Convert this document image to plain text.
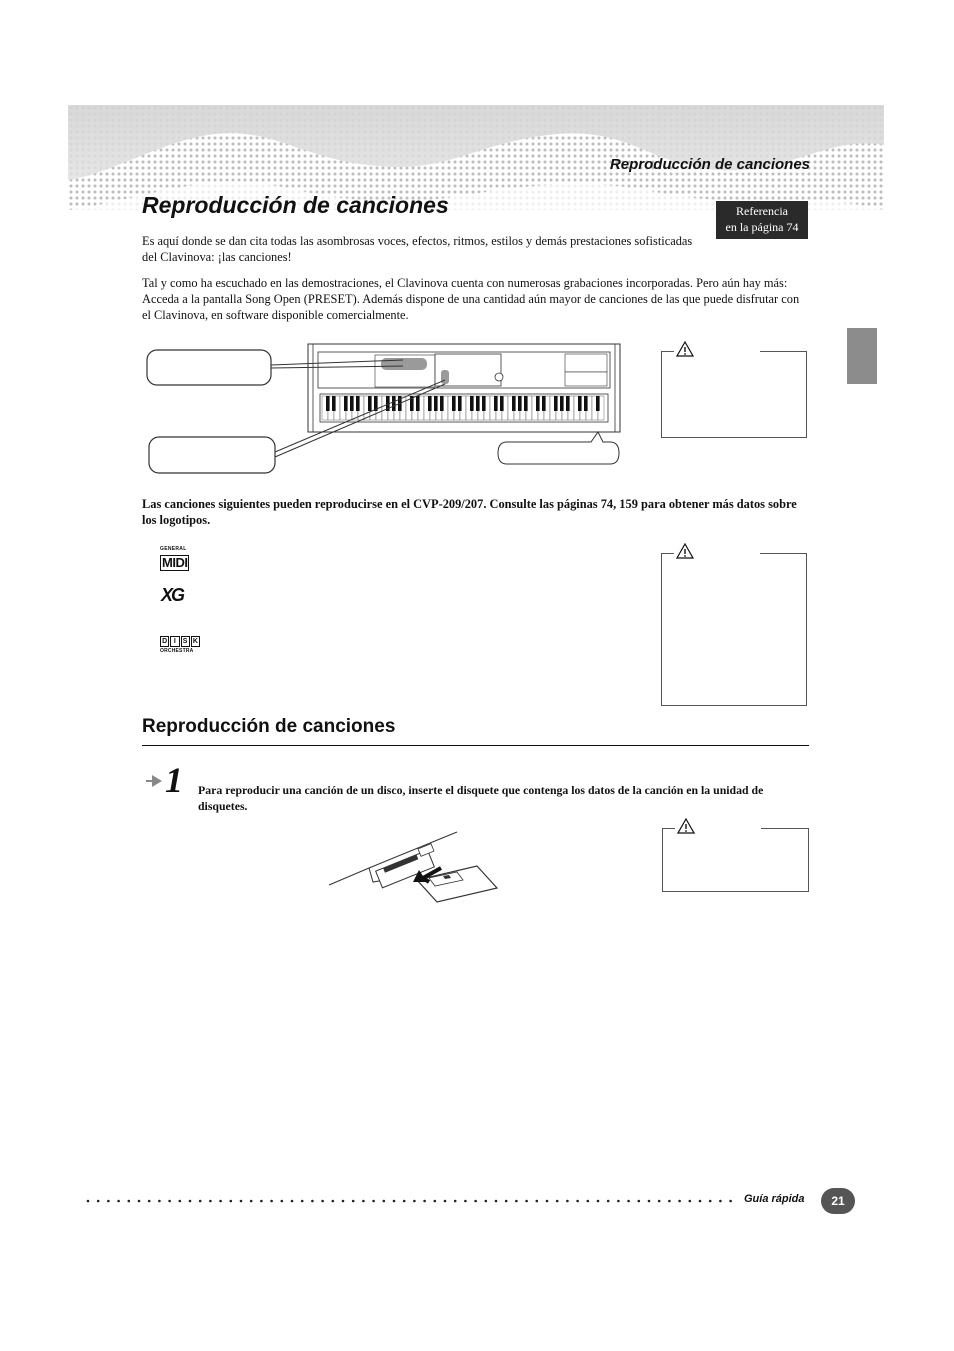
Reproducción de canciones
Reproducción de canciones	Referencia
en la página 74

Es aquí donde se dan cita todas las asombrosas voces, efectos, ritmos, estilos y demás prestaciones sofisticadas del Clavinova: ¡las canciones!

Tal y como ha escuchado en las demostraciones, el Clavinova cuenta con numerosas grabaciones incorporadas. Pero aún hay más: Acceda a la pantalla Song Open (PRESET). Además dispone de una cantidad aún mayor de canciones de las que puede disfrutar con el Clavinova, en software disponible comercialmente.

Las canciones siguientes pueden reproducirse en el CVP-209/207. Consulte las páginas 74, 159 para obtener más datos sobre los logotipos.

GENERAL
MIDI
XG
D I S K
ORCHESTRA
Reproducción de canciones
1 Para reproducir una canción de un disco, inserte el disquete que contenga los datos de la canción en la unidad de disquetes.

Guía rápida	21
